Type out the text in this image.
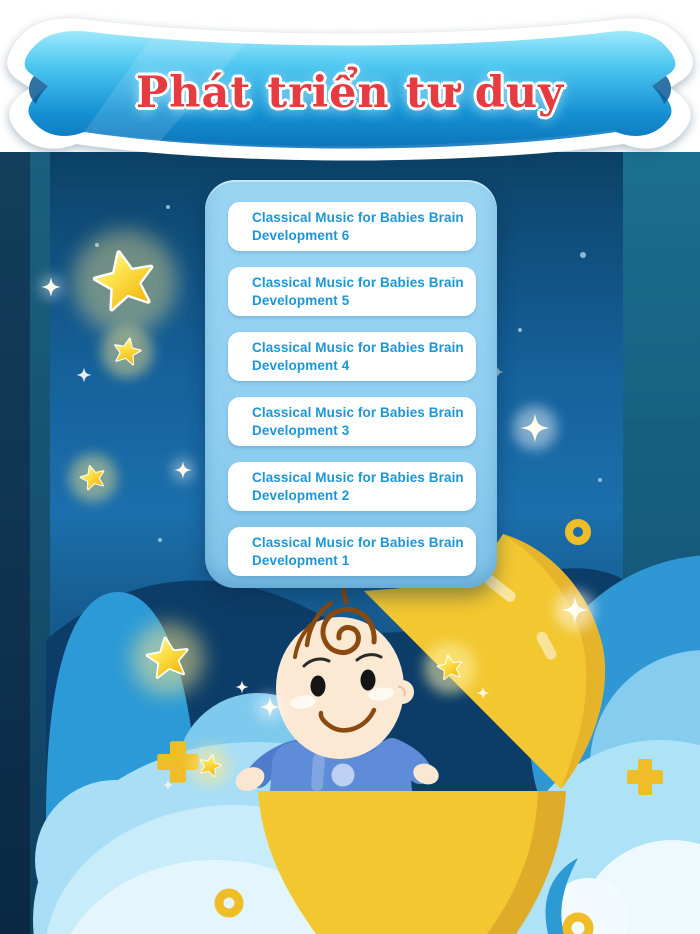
Classical Music for Babies Brain
Development 6
Classical Music for Babies Brain
Development 5
Classical Music for Babies Brain
Development 4
Classical Music for Babies Brain
Development 3
Classical Music for Babies Brain
Development 2
Classical Music for Babies Brain
Development 1
Phát triển tư duy
